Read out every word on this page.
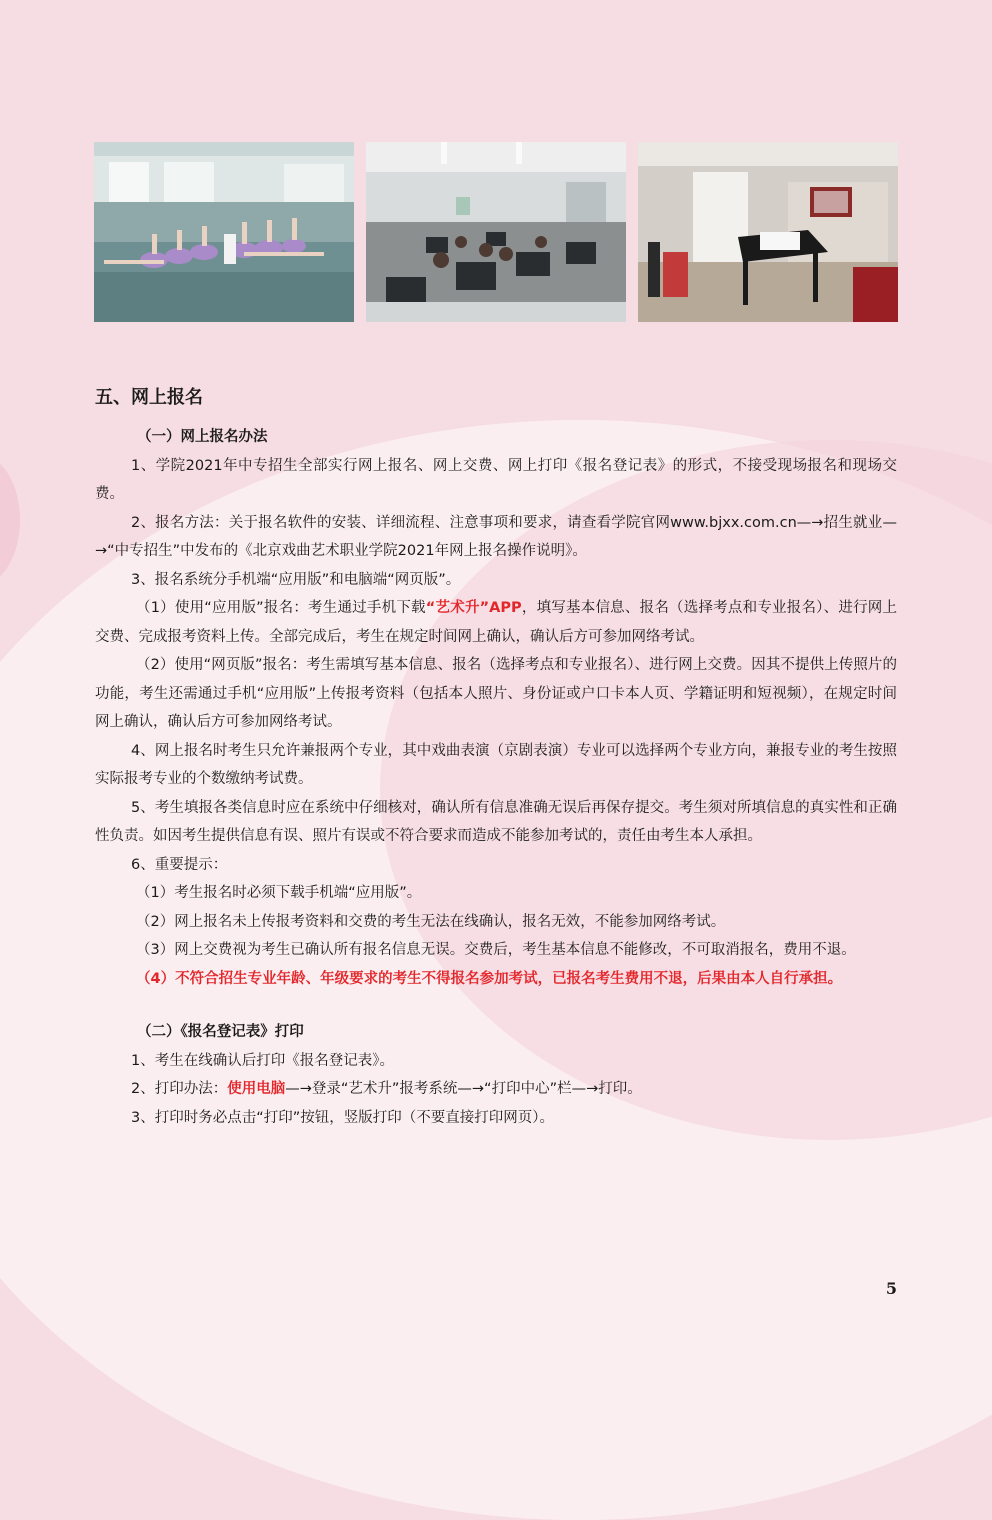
五、网上报名
（一）网上报名办法

1、学院2021年中专招生全部实行网上报名、网上交费、网上打印《报名登记表》的形式，不接受现场报名和现场交费。

2、报名方法：关于报名软件的安装、详细流程、注意事项和要求，请查看学院官网www.bjxx.com.cn—→招生就业—→“中专招生”中发布的《北京戏曲艺术职业学院2021年网上报名操作说明》。

3、报名系统分手机端“应用版”和电脑端“网页版”。

（1）使用“应用版”报名：考生通过手机下载“艺术升”APP，填写基本信息、报名（选择考点和专业报名）、进行网上交费、完成报考资料上传。全部完成后，考生在规定时间网上确认，确认后方可参加网络考试。

（2）使用“网页版”报名：考生需填写基本信息、报名（选择考点和专业报名）、进行网上交费。因其不提供上传照片的功能，考生还需通过手机“应用版”上传报考资料（包括本人照片、身份证或户口卡本人页、学籍证明和短视频），在规定时间网上确认，确认后方可参加网络考试。

4、网上报名时考生只允许兼报两个专业，其中戏曲表演（京剧表演）专业可以选择两个专业方向，兼报专业的考生按照实际报考专业的个数缴纳考试费。

5、考生填报各类信息时应在系统中仔细核对，确认所有信息准确无误后再保存提交。考生须对所填信息的真实性和正确性负责。如因考生提供信息有误、照片有误或不符合要求而造成不能参加考试的，责任由考生本人承担。

6、重要提示：

（1）考生报名时必须下载手机端“应用版”。

（2）网上报名未上传报考资料和交费的考生无法在线确认，报名无效，不能参加网络考试。

（3）网上交费视为考生已确认所有报名信息无误。交费后，考生基本信息不能修改，不可取消报名，费用不退。

（4）不符合招生专业年龄、年级要求的考生不得报名参加考试，已报名考生费用不退，后果由本人自行承担。

（二）《报名登记表》打印

1、考生在线确认后打印《报名登记表》。

2、打印办法：使用电脑—→登录“艺术升”报考系统—→“打印中心”栏—→打印。

3、打印时务必点击“打印”按钮，竖版打印（不要直接打印网页）。

5
